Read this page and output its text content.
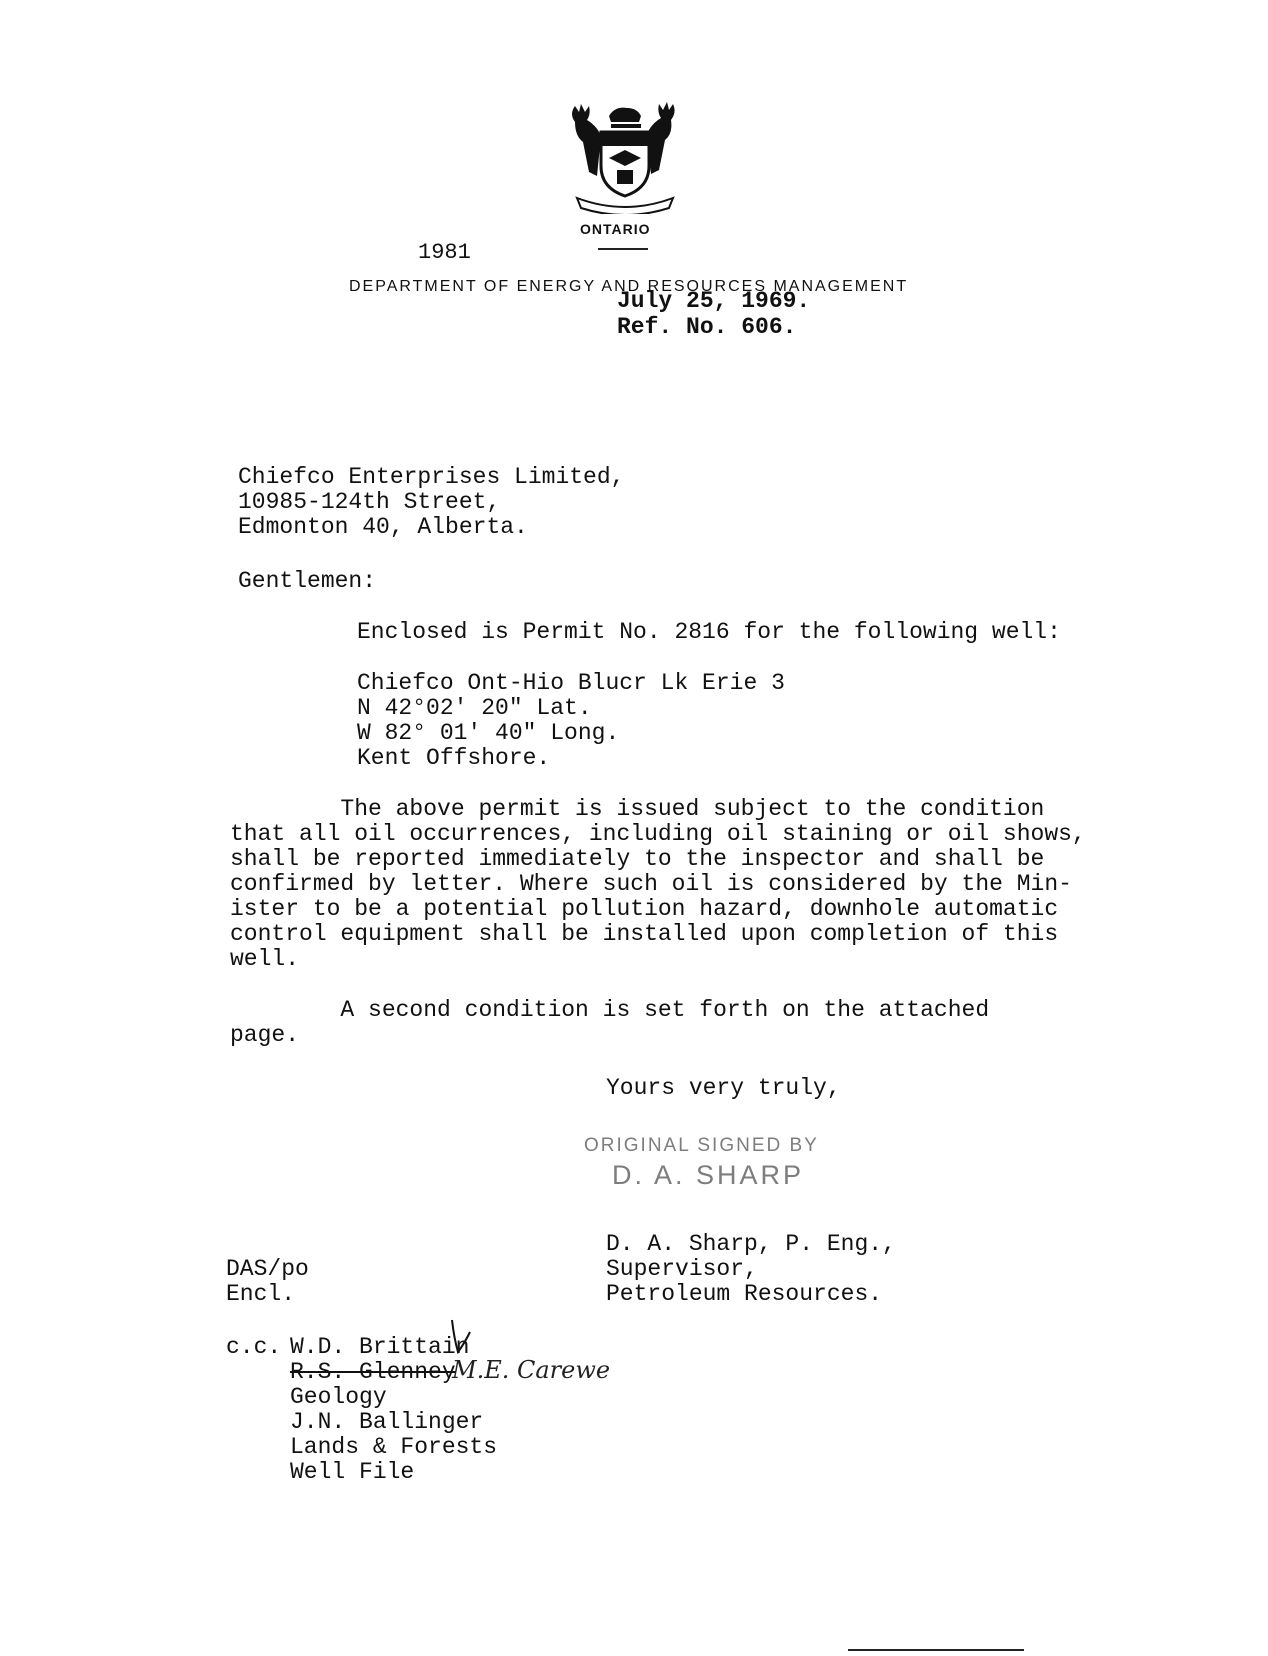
ONTARIO
DEPARTMENT OF ENERGY AND RESOURCES MANAGEMENT
1981
July 25, 1969.
Ref. No. 606.
Chiefco Enterprises Limited,
10985-124th Street,
Edmonton 40, Alberta.
Gentlemen:
Enclosed is Permit No. 2816 for the following well:
Chiefco Ont-Hio Blucr Lk Erie 3
N 42°02' 20" Lat.
W 82° 01' 40" Long.
Kent Offshore.
The above permit is issued subject to the condition
that all oil occurrences, including oil staining or oil shows,
shall be reported immediately to the inspector and shall be
confirmed by letter. Where such oil is considered by the Min-
ister to be a potential pollution hazard, downhole automatic
control equipment shall be installed upon completion of this
well.
A second condition is set forth on the attached
page.
Yours very truly,
ORIGINAL SIGNED BY
D. A. SHARP
D. A. Sharp, P. Eng.,
Supervisor,
Petroleum Resources.
DAS/po
Encl.
c.c. W.D. Brittain
R.S. Glenney
Geology
J.N. Ballinger
Lands & Forests
Well File
M.E. Carewe
